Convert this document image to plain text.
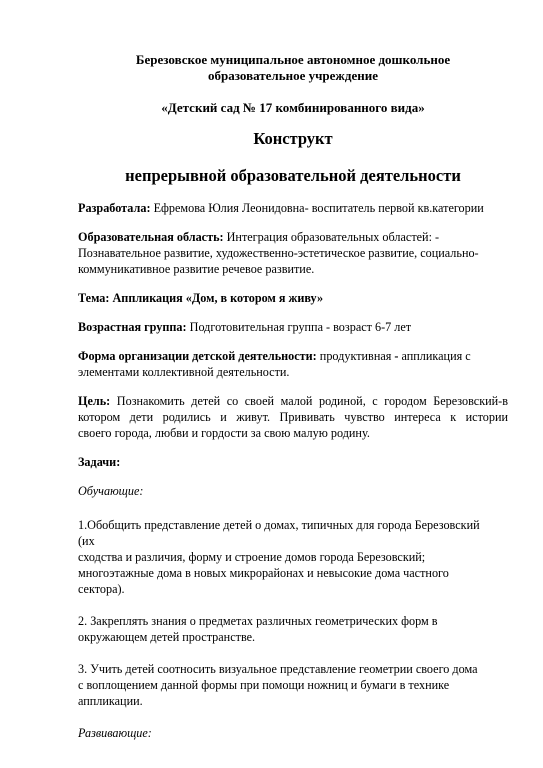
Березовское муниципальное автономное дошкольное
образовательное учреждение
«Детский сад № 17 комбинированного вида»
Конструкт
непрерывной образовательной деятельности
Разработала: Ефремова Юлия Леонидовна- воспитатель первой кв.категории
Образовательная область: Интеграция образовательных областей: -
Познавательное развитие, художественно-эстетическое развитие, социально-
коммуникативное развитие речевое развитие.
Тема: Аппликация «Дом, в котором я живу»
Возрастная группа: Подготовительная группа - возраст 6-7 лет
Форма организации детской деятельности: продуктивная - аппликация с
элементами коллективной деятельности.
Цель: Познакомить детей со своей малой родиной, с городом Березовский-в
котором дети родились и живут. Прививать чувство интереса к истории
своего города, любви и гордости за свою малую родину.
Задачи:
Обучающие:
1.Обобщить представление детей о домах, типичных для города Березовский
(их
сходства и различия, форму и строение домов города Березовский;
многоэтажные дома в новых микрорайонах и невысокие дома частного
сектора).
2. Закреплять знания о предметах различных геометрических форм в
окружающем детей пространстве.
3. Учить детей соотносить визуальное представление геометрии своего дома
с воплощением данной формы при помощи ножниц и бумаги в технике
аппликации.
Развивающие:
